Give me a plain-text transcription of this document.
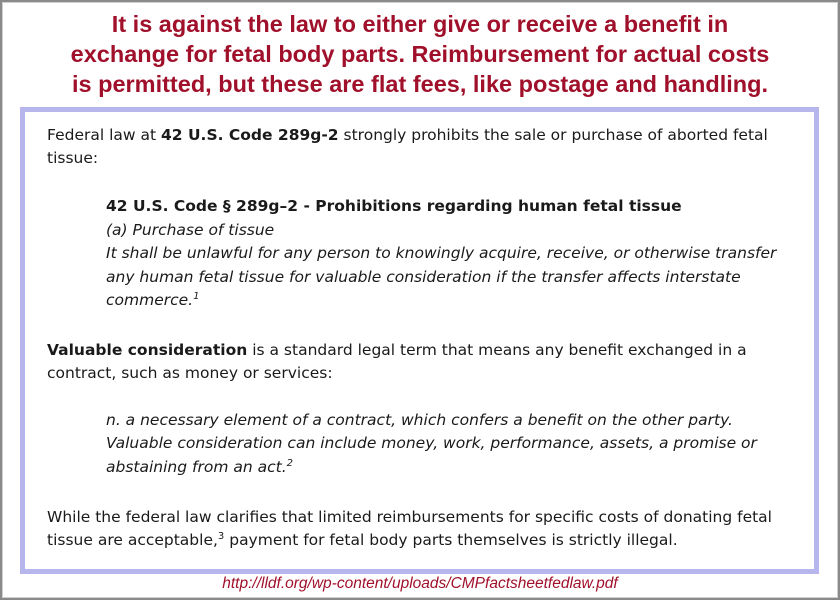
It is against the law to either give or receive a benefit in
exchange for fetal body parts. Reimbursement for actual costs
is permitted, but these are flat fees, like postage and handling.

Federal law at 42 U.S. Code 289g-2 strongly prohibits the sale or purchase of aborted fetal
tissue:

42 U.S. Code § 289g–2 - Prohibitions regarding human fetal tissue

(a) Purchase of tissue

It shall be unlawful for any person to knowingly acquire, receive, or otherwise transfer
any human fetal tissue for valuable consideration if the transfer affects interstate
commerce.$^1$

Valuable consideration is a standard legal term that means any benefit exchanged in a
contract, such as money or services:

n. a necessary element of a contract, which confers a benefit on the other party.
Valuable consideration can include money, work, performance, assets, a promise or
abstaining from an act.$^2$

While the federal law clarifies that limited reimbursements for specific costs of donating fetal
tissue are acceptable,$^3$ payment for fetal body parts themselves is strictly illegal.

http://lldf.org/wp-content/uploads/CMPfactsheetfedlaw.pdf
